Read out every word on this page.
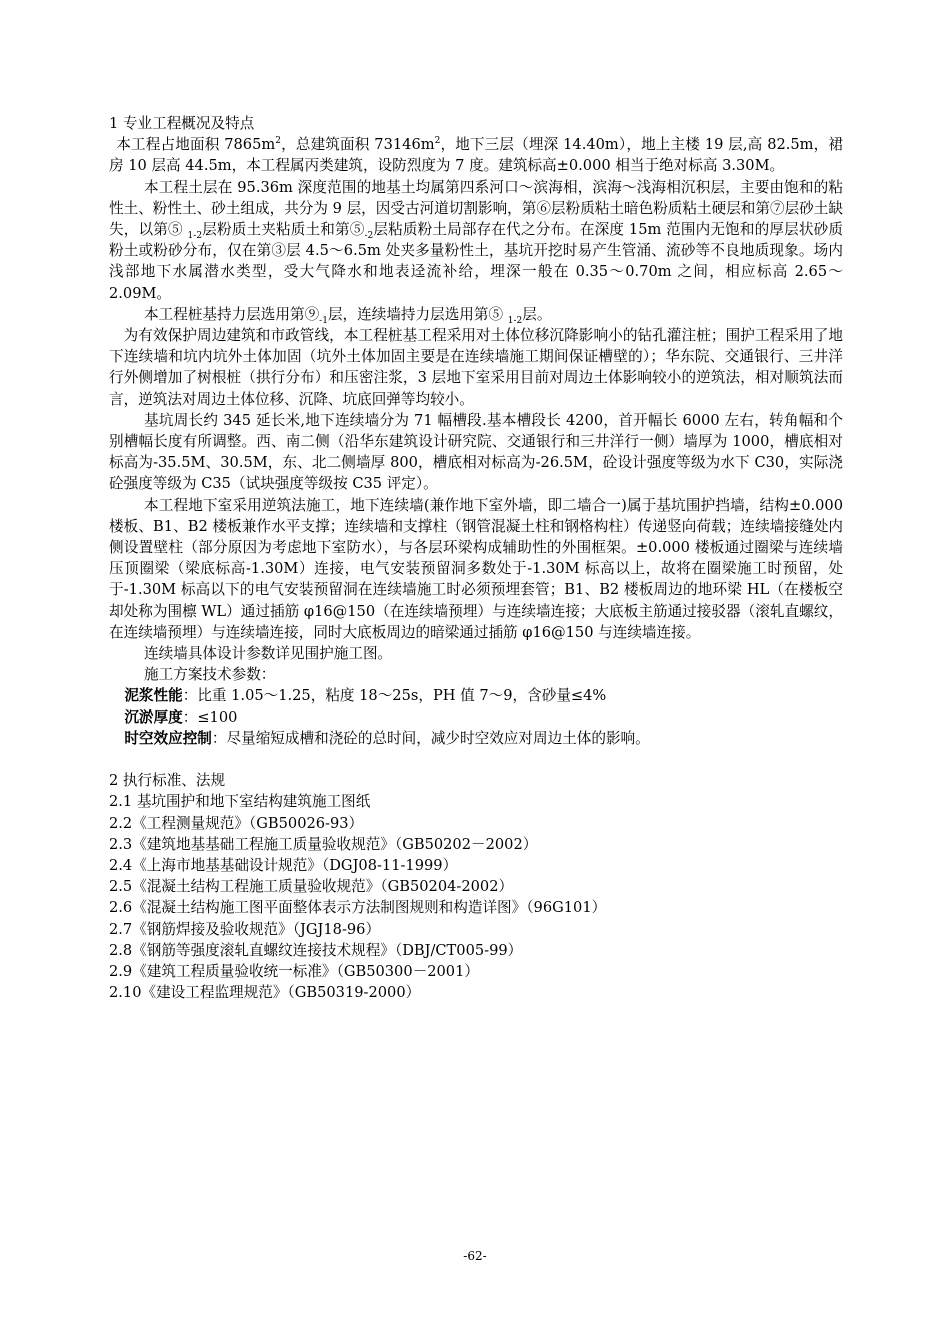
1 专业工程概况及特点

本工程占地面积 $7865m^2$，总建筑面积 $73146m^2$，地下三层（埋深 14.40m），地上主楼 19 层,高 82.5m，裙房 10 层高 44.5m，本工程属丙类建筑，设防烈度为 7 度。建筑标高±0.000 相当于绝对标高 3.30M。

本工程土层在 95.36m 深度范围的地基土均属第四系河口～滨海相，滨海～浅海相沉积层，主要由饱和的粘性土、粉性土、砂土组成，共分为 9 层，因受古河道切割影响，第⑥层粉质粘土暗色粉质粘土硬层和第⑦层砂土缺失，以第⑤ $_{1-2}$层粉质土夹粘质土和第$⑤_{-2}$层粘质粉土局部存在代之分布。在深度 15m 范围内无饱和的厚层状砂质粉土或粉砂分布，仅在第③层 4.5～6.5m 处夹多量粉性土，基坑开挖时易产生管涌、流砂等不良地质现象。场内浅部地下水属潜水类型，受大气降水和地表迳流补给，埋深一般在 0.35～0.70m 之间，相应标高 2.65～2.09M。

本工程桩基持力层选用第$⑨_{-1}$层，连续墙持力层选用第⑤ $_{1-2}$层。

为有效保护周边建筑和市政管线，本工程桩基工程采用对土体位移沉降影响小的钻孔灌注桩；围护工程采用了地下连续墙和坑内坑外土体加固（坑外土体加固主要是在连续墙施工期间保证槽壁的）；华东院、交通银行、三井洋行外侧增加了树根桩（拱行分布）和压密注浆，3 层地下室采用目前对周边土体影响较小的逆筑法，相对顺筑法而言，逆筑法对周边土体位移、沉降、坑底回弹等均较小。

基坑周长约 345 延长米,地下连续墙分为 71 幅槽段.基本槽段长 4200，首开幅长 6000 左右，转角幅和个别槽幅长度有所调整。西、南二侧（沿华东建筑设计研究院、交通银行和三井洋行一侧）墙厚为 1000，槽底相对标高为-35.5M、30.5M，东、北二侧墙厚 800，槽底相对标高为-26.5M，砼设计强度等级为水下 C30，实际浇砼强度等级为 C35（试块强度等级按 C35 评定）。

本工程地下室采用逆筑法施工，地下连续墙(兼作地下室外墙，即二墙合一)属于基坑围护挡墙，结构±0.000 楼板、B1、B2 楼板兼作水平支撑；连续墙和支撑柱（钢管混凝土柱和钢格构柱）传递竖向荷载；连续墙接缝处内侧设置壁柱（部分原因为考虑地下室防水），与各层环梁构成辅助性的外围框架。±0.000 楼板通过圈梁与连续墙压顶圈梁（梁底标高-1.30M）连接，电气安装预留洞多数处于-1.30M 标高以上，故将在圈梁施工时预留，处于-1.30M 标高以下的电气安装预留洞在连续墙施工时必须预埋套管；B1、B2 楼板周边的地环梁 HL（在楼板空却处称为围檩 WL）通过插筋 φ16@150（在连续墙预埋）与连续墙连接；大底板主筋通过接驳器（滚轧直螺纹，在连续墙预埋）与连续墙连接，同时大底板周边的暗梁通过插筋 φ16@150 与连续墙连接。

连续墙具体设计参数详见围护施工图。

施工方案技术参数：

泥浆性能：比重 1.05～1.25，粘度 18～25s，PH 值 7～9，含砂量≤4%

沉淤厚度：≤100

时空效应控制：尽量缩短成槽和浇砼的总时间，减少时空效应对周边土体的影响。

2 执行标准、法规

2.1 基坑围护和地下室结构建筑施工图纸

2.2《工程测量规范》（GB50026-93）

2.3《建筑地基基础工程施工质量验收规范》（GB50202－2002）

2.4《上海市地基基础设计规范》（DGJ08-11-1999）

2.5《混凝土结构工程施工质量验收规范》（GB50204-2002）

2.6《混凝土结构施工图平面整体表示方法制图规则和构造详图》（96G101）

2.7《钢筋焊接及验收规范》（JGJ18-96）

2.8《钢筋等强度滚轧直螺纹连接技术规程》（DBJ/CT005-99）

2.9《建筑工程质量验收统一标准》（GB50300－2001）

2.10《建设工程监理规范》（GB50319-2000）

-62-
